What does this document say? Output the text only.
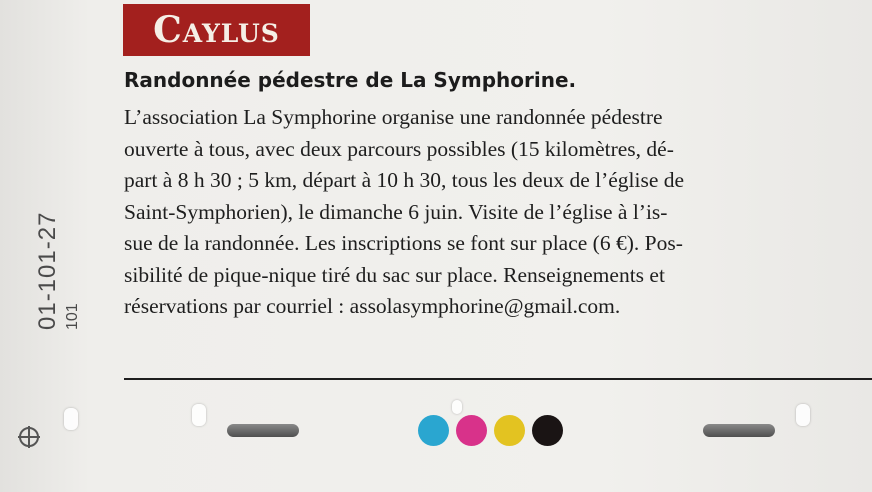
01-101-27 101
Caylus
Randonnée pédestre de La Symphorine.
L’association La Symphorine organise une randonnée pédestre
ouverte à tous, avec deux parcours possibles (15 kilomètres, dé-
part à 8 h 30 ; 5 km, départ à 10 h 30, tous les deux de l’église de
Saint-Symphorien), le dimanche 6 juin. Visite de l’église à l’is-
sue de la randonnée. Les inscriptions se font sur place (6 €). Pos-
sibilité de pique-nique tiré du sac sur place. Renseignements et
réservations par courriel : assolasymphorine@gmail.com.
